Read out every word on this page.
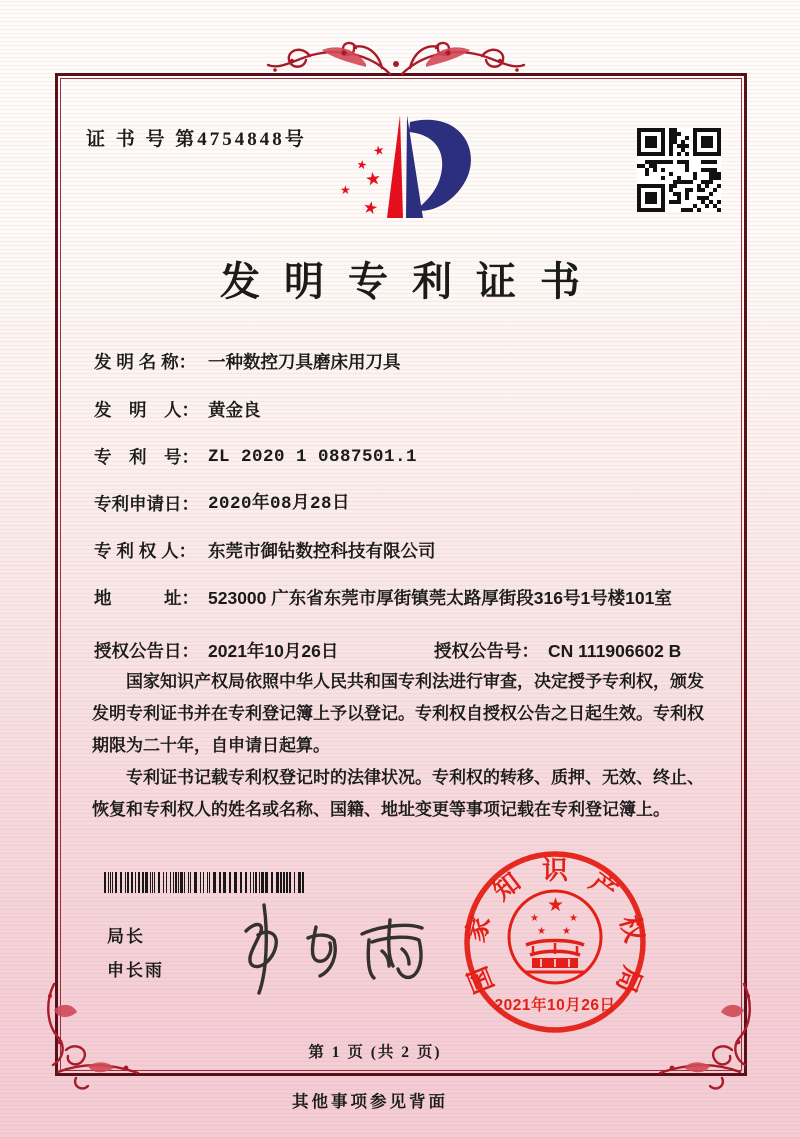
证 书 号 第4754848号
★
★
★
★
★
发明专利证书
发 明 名 称： 一种数控刀具磨床用刀具
发　明　人： 黄金良
专　利　号： ZL 2020 1 0887501.1
专利申请日： 2020年08月28日
专 利 权 人： 东莞市御钻数控科技有限公司
地　　　址： 523000 广东省东莞市厚街镇莞太路厚街段316号1号楼101室
授权公告日： 2021年10月26日	授权公告号： CN 111906602 B

国家知识产权局依照中华人民共和国专利法进行审查，决定授予专利权，颁发发明专利证书并在专利登记簿上予以登记。专利权自授权公告之日起生效。专利权期限为二十年，自申请日起算。

专利证书记载专利权登记时的法律状况。专利权的转移、质押、无效、终止、恢复和专利权人的姓名或名称、国籍、地址变更等事项记载在专利登记簿上。

局长
申长雨
★
★	★
★ ★
2021年10月26日
国
家
知 识 产
权
局
第 1 页 (共 2 页)
其他事项参见背面
